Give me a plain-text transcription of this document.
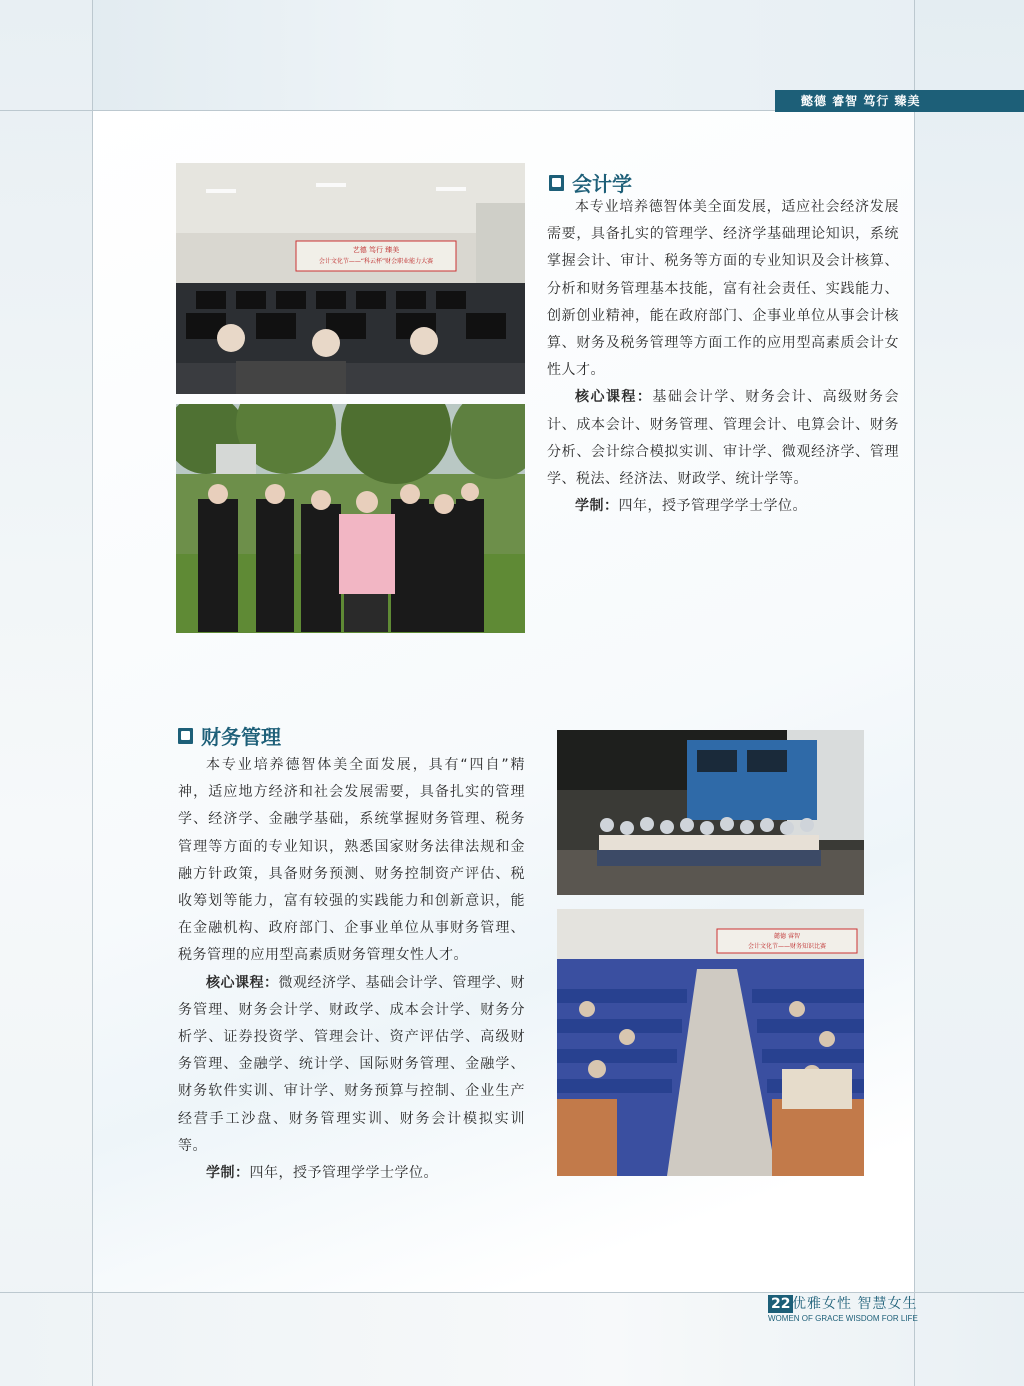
懿德 睿智 笃行 臻美
艺德 笃行 臻美
会计文化节——“科云杯”财会职业能力大赛
会计学

本专业培养德智体美全面发展，适应社会经济发展需要，具备扎实的管理学、经济学基础理论知识，系统掌握会计、审计、税务等方面的专业知识及会计核算、分析和财务管理基本技能，富有社会责任、实践能力、创新创业精神，能在政府部门、企事业单位从事会计核算、财务及税务管理等方面工作的应用型高素质会计女性人才。

核心课程：基础会计学、财务会计、高级财务会计、成本会计、财务管理、管理会计、电算会计、财务分析、会计综合模拟实训、审计学、微观经济学、管理学、税法、经济法、财政学、统计学等。

学制：四年，授予管理学学士学位。

财务管理

本专业培养德智体美全面发展，具有“四自”精神，适应地方经济和社会发展需要，具备扎实的管理学、经济学、金融学基础，系统掌握财务管理、税务管理等方面的专业知识，熟悉国家财务法律法规和金融方针政策，具备财务预测、财务控制资产评估、税收筹划等能力，富有较强的实践能力和创新意识，能在金融机构、政府部门、企事业单位从事财务管理、税务管理的应用型高素质财务管理女性人才。

核心课程：微观经济学、基础会计学、管理学、财务管理、财务会计学、财政学、成本会计学、财务分析学、证券投资学、管理会计、资产评估学、高级财务管理、金融学、统计学、国际财务管理、金融学、财务软件实训、审计学、财务预算与控制、企业生产经营手工沙盘、财务管理实训、财务会计模拟实训等。

学制：四年，授予管理学学士学位。

懿德 睿智
会计文化节——财务知识比赛
22 优雅女性 智慧女生
WOMEN OF GRACE WISDOM FOR LIFE
